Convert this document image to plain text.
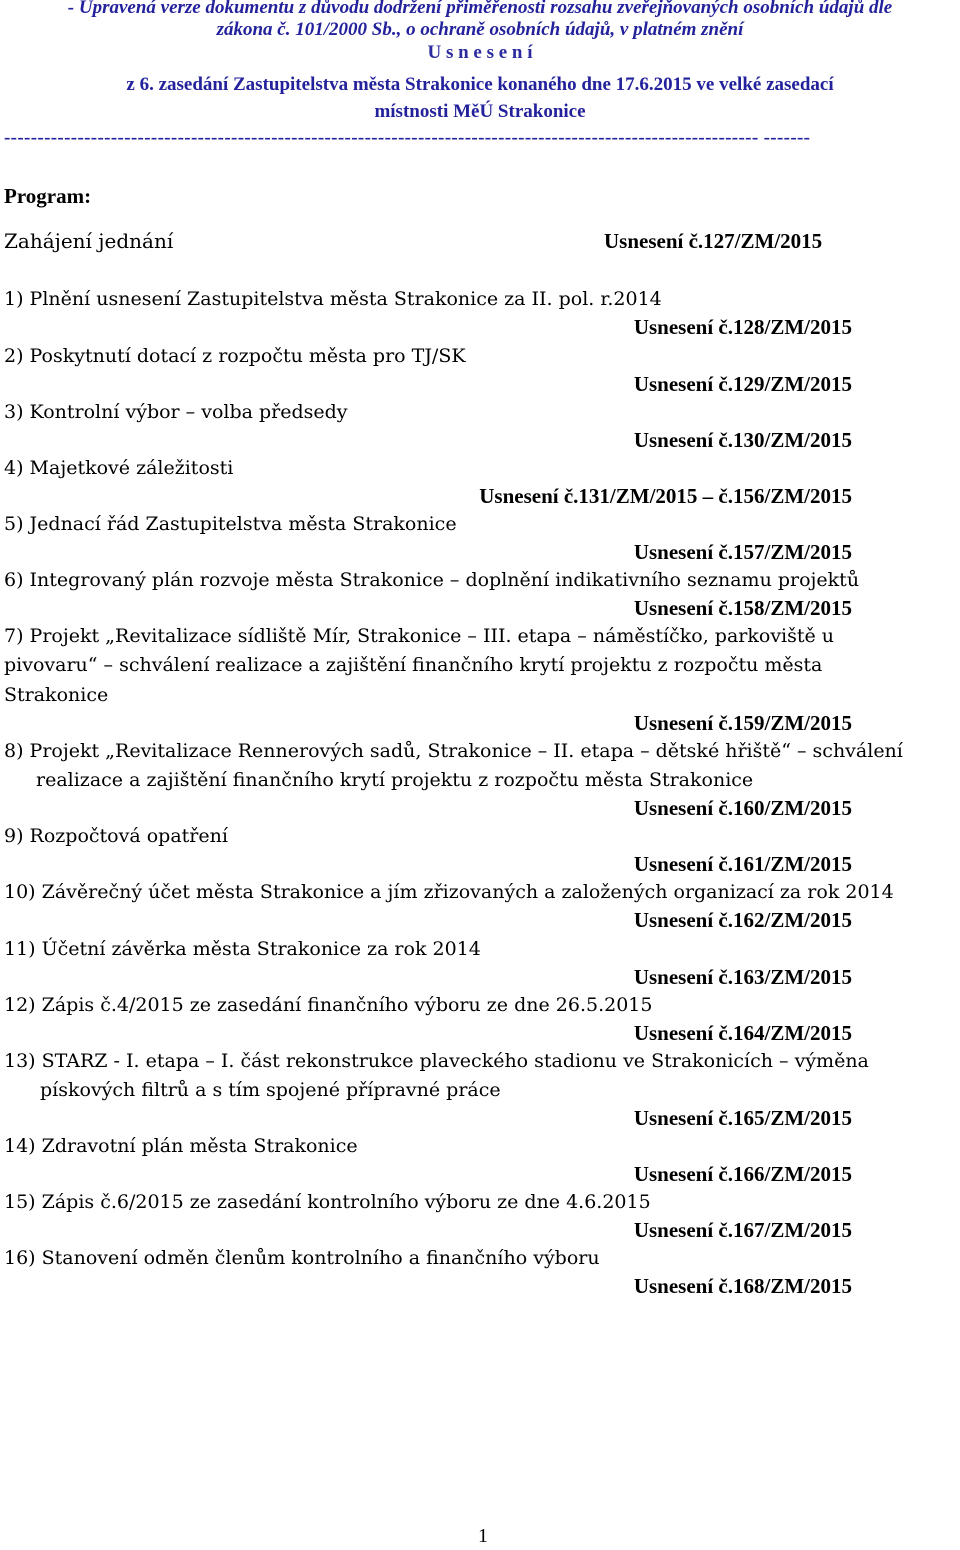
- Upravená verze dokumentu z důvodu dodržení přiměřenosti rozsahu zveřejňovaných osobních údajů dle
zákona č. 101/2000 Sb., o ochraně osobních údajů, v platném znění
U s n e s e n í
z 6. zasedání Zastupitelstva města Strakonice konaného dne 17.6.2015 ve velké zasedací
místnosti MěÚ Strakonice
----------------------------------------------------------------------------------------------------------------- -------
Program:
Zahájení jednání	Usnesení č.127/ZM/2015
1) Plnění usnesení Zastupitelstva města Strakonice za II. pol. r.2014
Usnesení č.128/ZM/2015
2) Poskytnutí dotací z rozpočtu města pro TJ/SK
Usnesení č.129/ZM/2015
3) Kontrolní výbor – volba předsedy
Usnesení č.130/ZM/2015
4) Majetkové záležitosti
Usnesení č.131/ZM/2015 – č.156/ZM/2015
5) Jednací řád Zastupitelstva města Strakonice
Usnesení č.157/ZM/2015
6) Integrovaný plán rozvoje města Strakonice – doplnění indikativního seznamu projektů
Usnesení č.158/ZM/2015
7) Projekt „Revitalizace sídliště Mír, Strakonice – III. etapa – náměstíčko, parkoviště u
pivovaru“ – schválení realizace a zajištění finančního krytí projektu z rozpočtu města
Strakonice
Usnesení č.159/ZM/2015
8) Projekt „Revitalizace Rennerových sadů, Strakonice – II. etapa – dětské hřiště“ – schválení
realizace a zajištění finančního krytí projektu z rozpočtu města Strakonice
Usnesení č.160/ZM/2015
9) Rozpočtová opatření
Usnesení č.161/ZM/2015
10) Závěrečný účet města Strakonice a jím zřizovaných a založených organizací za rok 2014
Usnesení č.162/ZM/2015
11) Účetní závěrka města Strakonice za rok 2014
Usnesení č.163/ZM/2015
12) Zápis č.4/2015 ze zasedání finančního výboru ze dne 26.5.2015
Usnesení č.164/ZM/2015
13) STARZ - I. etapa – I. část rekonstrukce plaveckého stadionu ve Strakonicích – výměna
pískových filtrů a s tím spojené přípravné práce
Usnesení č.165/ZM/2015
14) Zdravotní plán města Strakonice
Usnesení č.166/ZM/2015
15) Zápis č.6/2015 ze zasedání kontrolního výboru ze dne 4.6.2015
Usnesení č.167/ZM/2015
16) Stanovení odměn členům kontrolního a finančního výboru
Usnesení č.168/ZM/2015
1
